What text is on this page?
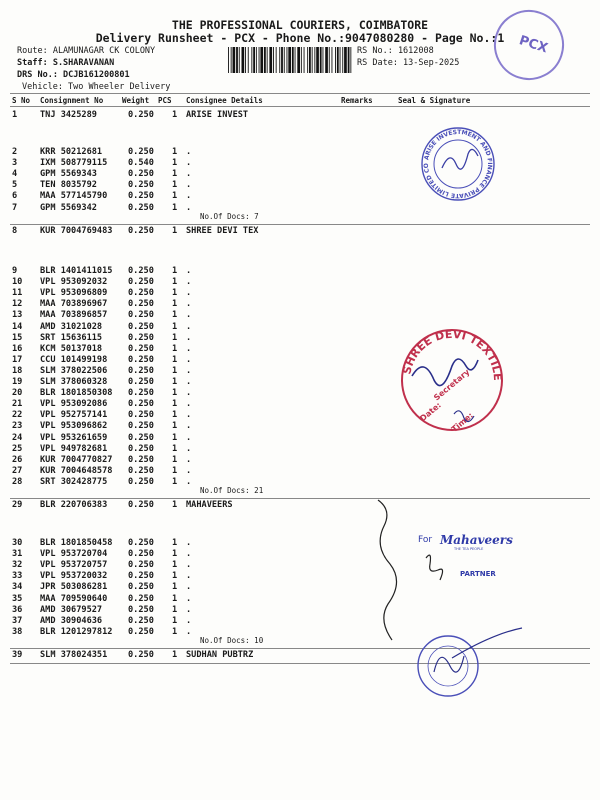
THE PROFESSIONAL COURIERS, COIMBATORE
Delivery Runsheet - PCX - Phone No.:9047080280 - Page No.:1
Route: ALAMUNAGAR CK COLONY
Staff: S.SHARAVANAN
DRS No.: DCJB161200801
Vehicle: Two Wheeler Delivery
RS No.: 1612008
RS Date: 13-Sep-2025
PCX
S No Consignment No	Weight PCS Consignee Details	Remarks	Seal & Signature
1	TNJ 3425289	0.250 1 ARISE INVEST
2	KRR 50212681	0.250 1 .
3	IXM 508779115 0.540 1 .
4	GPM 5569343	0.250 1 .
5	TEN 8035792	0.250 1 .
6	MAA 577145790 0.250 1 .
7	GPM 5569342	0.250 1 .
No.Of Docs: 7
8	KUR 7004769483 0.250 1 SHREE DEVI TEX
9	BLR 1401411015 0.250 1 .
10 VPL 953092032 0.250 1 .
11 VPL 953096809 0.250 1 .
12 MAA 703896967 0.250 1 .
13 MAA 703896857 0.250 1 .
14 AMD 31021028	0.250 1 .
15 SRT 15636115	0.250 1 .
16 KCM 50137018	0.250 1 .
17 CCU 101499198 0.250 1 .
18 SLM 378022506 0.250 1 .
19 SLM 378060328 0.250 1 .
20 BLR 1801850308 0.250 1 .
21 VPL 953092086 0.250 1 .
22 VPL 952757141 0.250 1 .
23 VPL 953096862 0.250 1 .
24 VPL 953261659 0.250 1 .
25 VPL 949782681 0.250 1 .
26 KUR 7004770827 0.250 1 .
27 KUR 7004648578 0.250 1 .
28 SRT 302428775 0.250 1 .
No.Of Docs: 21
29 BLR 220706383 0.250 1 MAHAVEERS
30 BLR 1801850458 0.250 1 .
31 VPL 953720704 0.250 1 .
32 VPL 953720757 0.250 1 .
33 VPL 953720032 0.250 1 .
34 JPR 503086281 0.250 1 .
35 MAA 709590640 0.250 1 .
36 AMD 30679527	0.250 1 .
37 AMD 30904636	0.250 1 .
38 BLR 1201297812 0.250 1 .
No.Of Docs: 10
39 SLM 378024351 0.250 1 SUDHAN PUBTRZ
ARISE INVESTMENT AND FINANCE PRIVATE LIMITED COIMBATORE
SHREE DEVI TEXTILE
Secretary
Date: Time:
For Mahaveers
THE TEA PEOPLE
PARTNER
